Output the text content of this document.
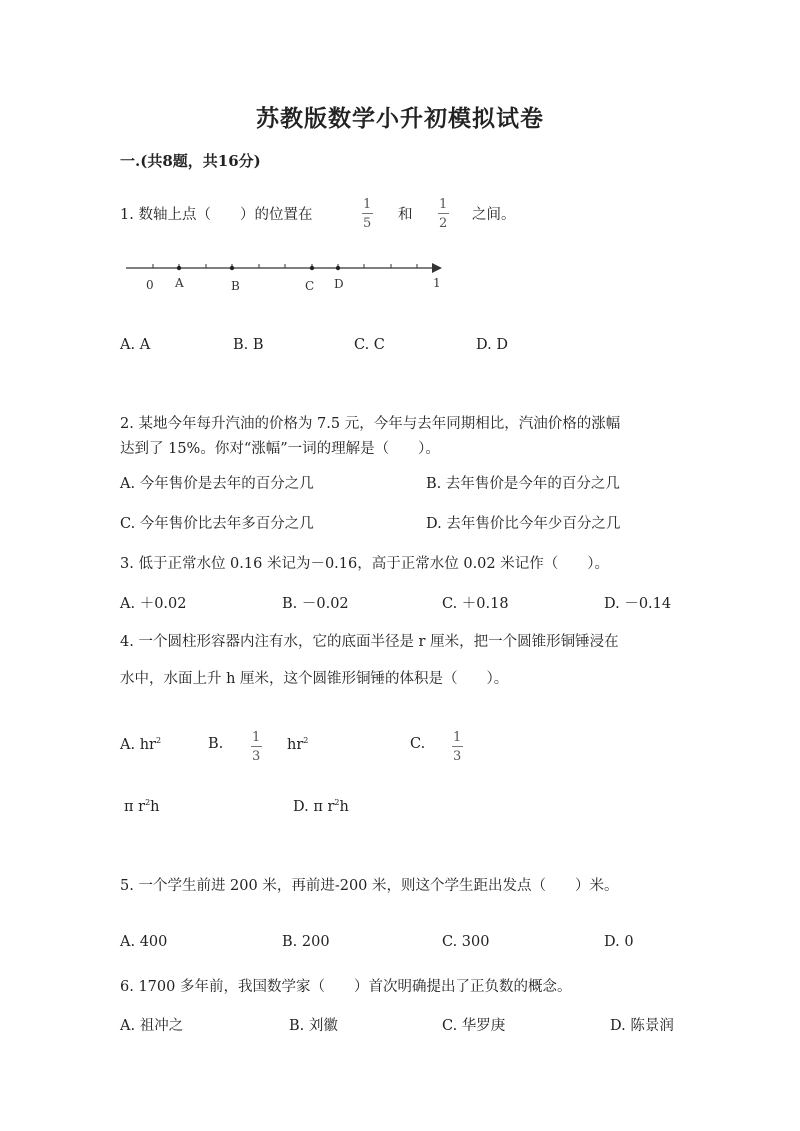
苏教版数学小升初模拟试卷
一.(共8题，共16分)
1. 数轴上点（　　）的位置在
1
5
和
1
2
之间。
0 A	B	C D	1
A. A	B. B	C. C	D. D
2. 某地今年每升汽油的价格为 7.5 元，今年与去年同期相比，汽油价格的涨幅
达到了 15%。你对“涨幅”一词的理解是（　　）。
A. 今年售价是去年的百分之几	B. 去年售价是今年的百分之几
C. 今年售价比去年多百分之几	D. 去年售价比今年少百分之几
3. 低于正常水位 0.16 米记为－0.16，高于正常水位 0.02 米记作（　　）。
A. ＋0.02	B. －0.02	C. ＋0.18	D. －0.14
4. 一个圆柱形容器内注有水，它的底面半径是 r 厘米，把一个圆锥形铜锤浸在
水中，水面上升 h 厘米，这个圆锥形铜锤的体积是（　　）。
A. $hr^2$	B. 1
3
$hr^2$	C. 1
3
π $r^2h$	D. π $r^2h$
5. 一个学生前进 200 米，再前进-200 米，则这个学生距出发点（　　）米。
A. 400	B. 200	C. 300	D. 0
6. 1700 多年前，我国数学家（　　）首次明确提出了正负数的概念。
A. 祖冲之	B. 刘徽	C. 华罗庚	D. 陈景润
